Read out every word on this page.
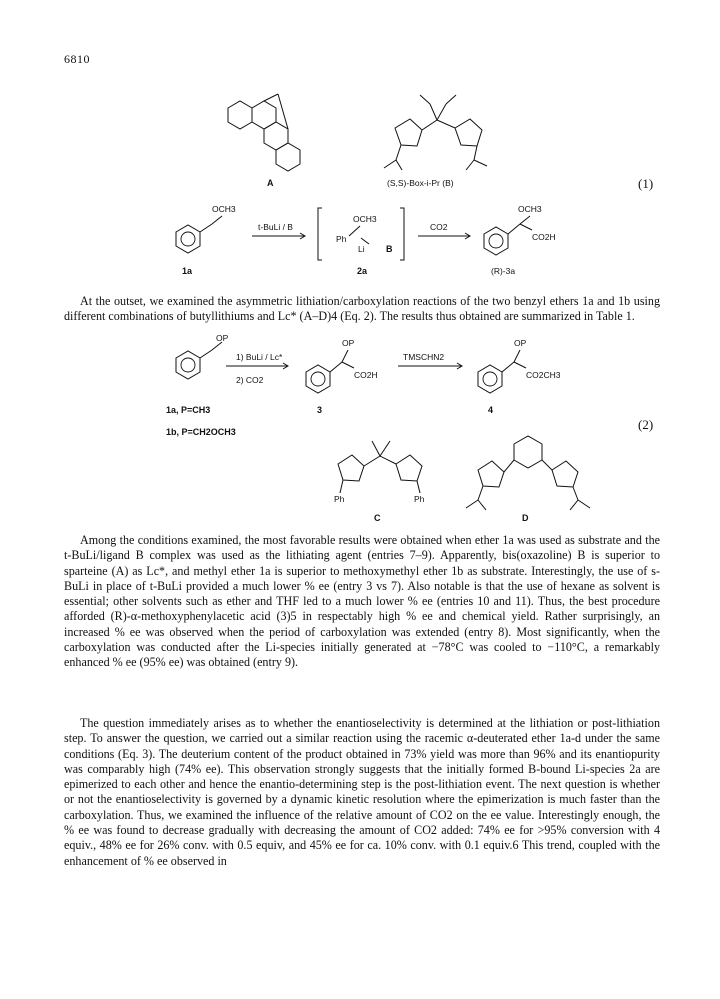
6810
A	(S,S)-Box-i-Pr (B)	(1)
OCH3
t-BuLi / B
OCH3
Ph
Li B
CO2
OCH3
CO2H
1a	2a	(R)-3a
OP
1) BuLi / Lc*
2) CO2
OP
CO2H
TMSCHN2
OP
CO2CH3
1a, P=CH3
1b, P=CH2OCH3
3	4
(2)
Ph	Ph
C	D

At the outset, we examined the asymmetric lithiation/carboxylation reactions of the two benzyl ethers 1a and 1b using different combinations of butyllithiums and Lc* (A–D)4 (Eq. 2). The results thus obtained are summarized in Table 1.

Among the conditions examined, the most favorable results were obtained when ether 1a was used as substrate and the t-BuLi/ligand B complex was used as the lithiating agent (entries 7–9). Apparently, bis(oxazoline) B is superior to sparteine (A) as Lc*, and methyl ether 1a is superior to methoxymethyl ether 1b as substrate. Interestingly, the use of s-BuLi in place of t-BuLi provided a much lower % ee (entry 3 vs 7). Also notable is that the use of hexane as solvent is essential; other solvents such as ether and THF led to a much lower % ee (entries 10 and 11). Thus, the best procedure afforded (R)-α-methoxyphenylacetic acid (3)5 in respectably high % ee and chemical yield. Rather surprisingly, an increased % ee was observed when the period of carboxylation was extended (entry 8). Most significantly, when the carboxylation was conducted after the Li-species initially generated at −78°C was cooled to −110°C, a remarkably enhanced % ee (95% ee) was obtained (entry 9).

The question immediately arises as to whether the enantioselectivity is determined at the lithiation or post-lithiation step. To answer the question, we carried out a similar reaction using the racemic α-deuterated ether 1a-d under the same conditions (Eq. 3). The deuterium content of the product obtained in 73% yield was more than 96% and its enantiopurity was comparably high (74% ee). This observation strongly suggests that the initially formed B-bound Li-species 2a are epimerized to each other and hence the enantio-determining step is the post-lithiation event. The next question is whether or not the enantioselectivity is governed by a dynamic kinetic resolution where the epimerization is much faster than the carboxylation. Thus, we examined the influence of the relative amount of CO2 on the ee value. Interestingly enough, the % ee was found to decrease gradually with decreasing the amount of CO2 added: 74% ee for >95% conversion with 4 equiv., 48% ee for 26% conv. with 0.5 equiv, and 45% ee for ca. 10% conv. with 0.1 equiv.6 This trend, coupled with the enhancement of % ee observed in
